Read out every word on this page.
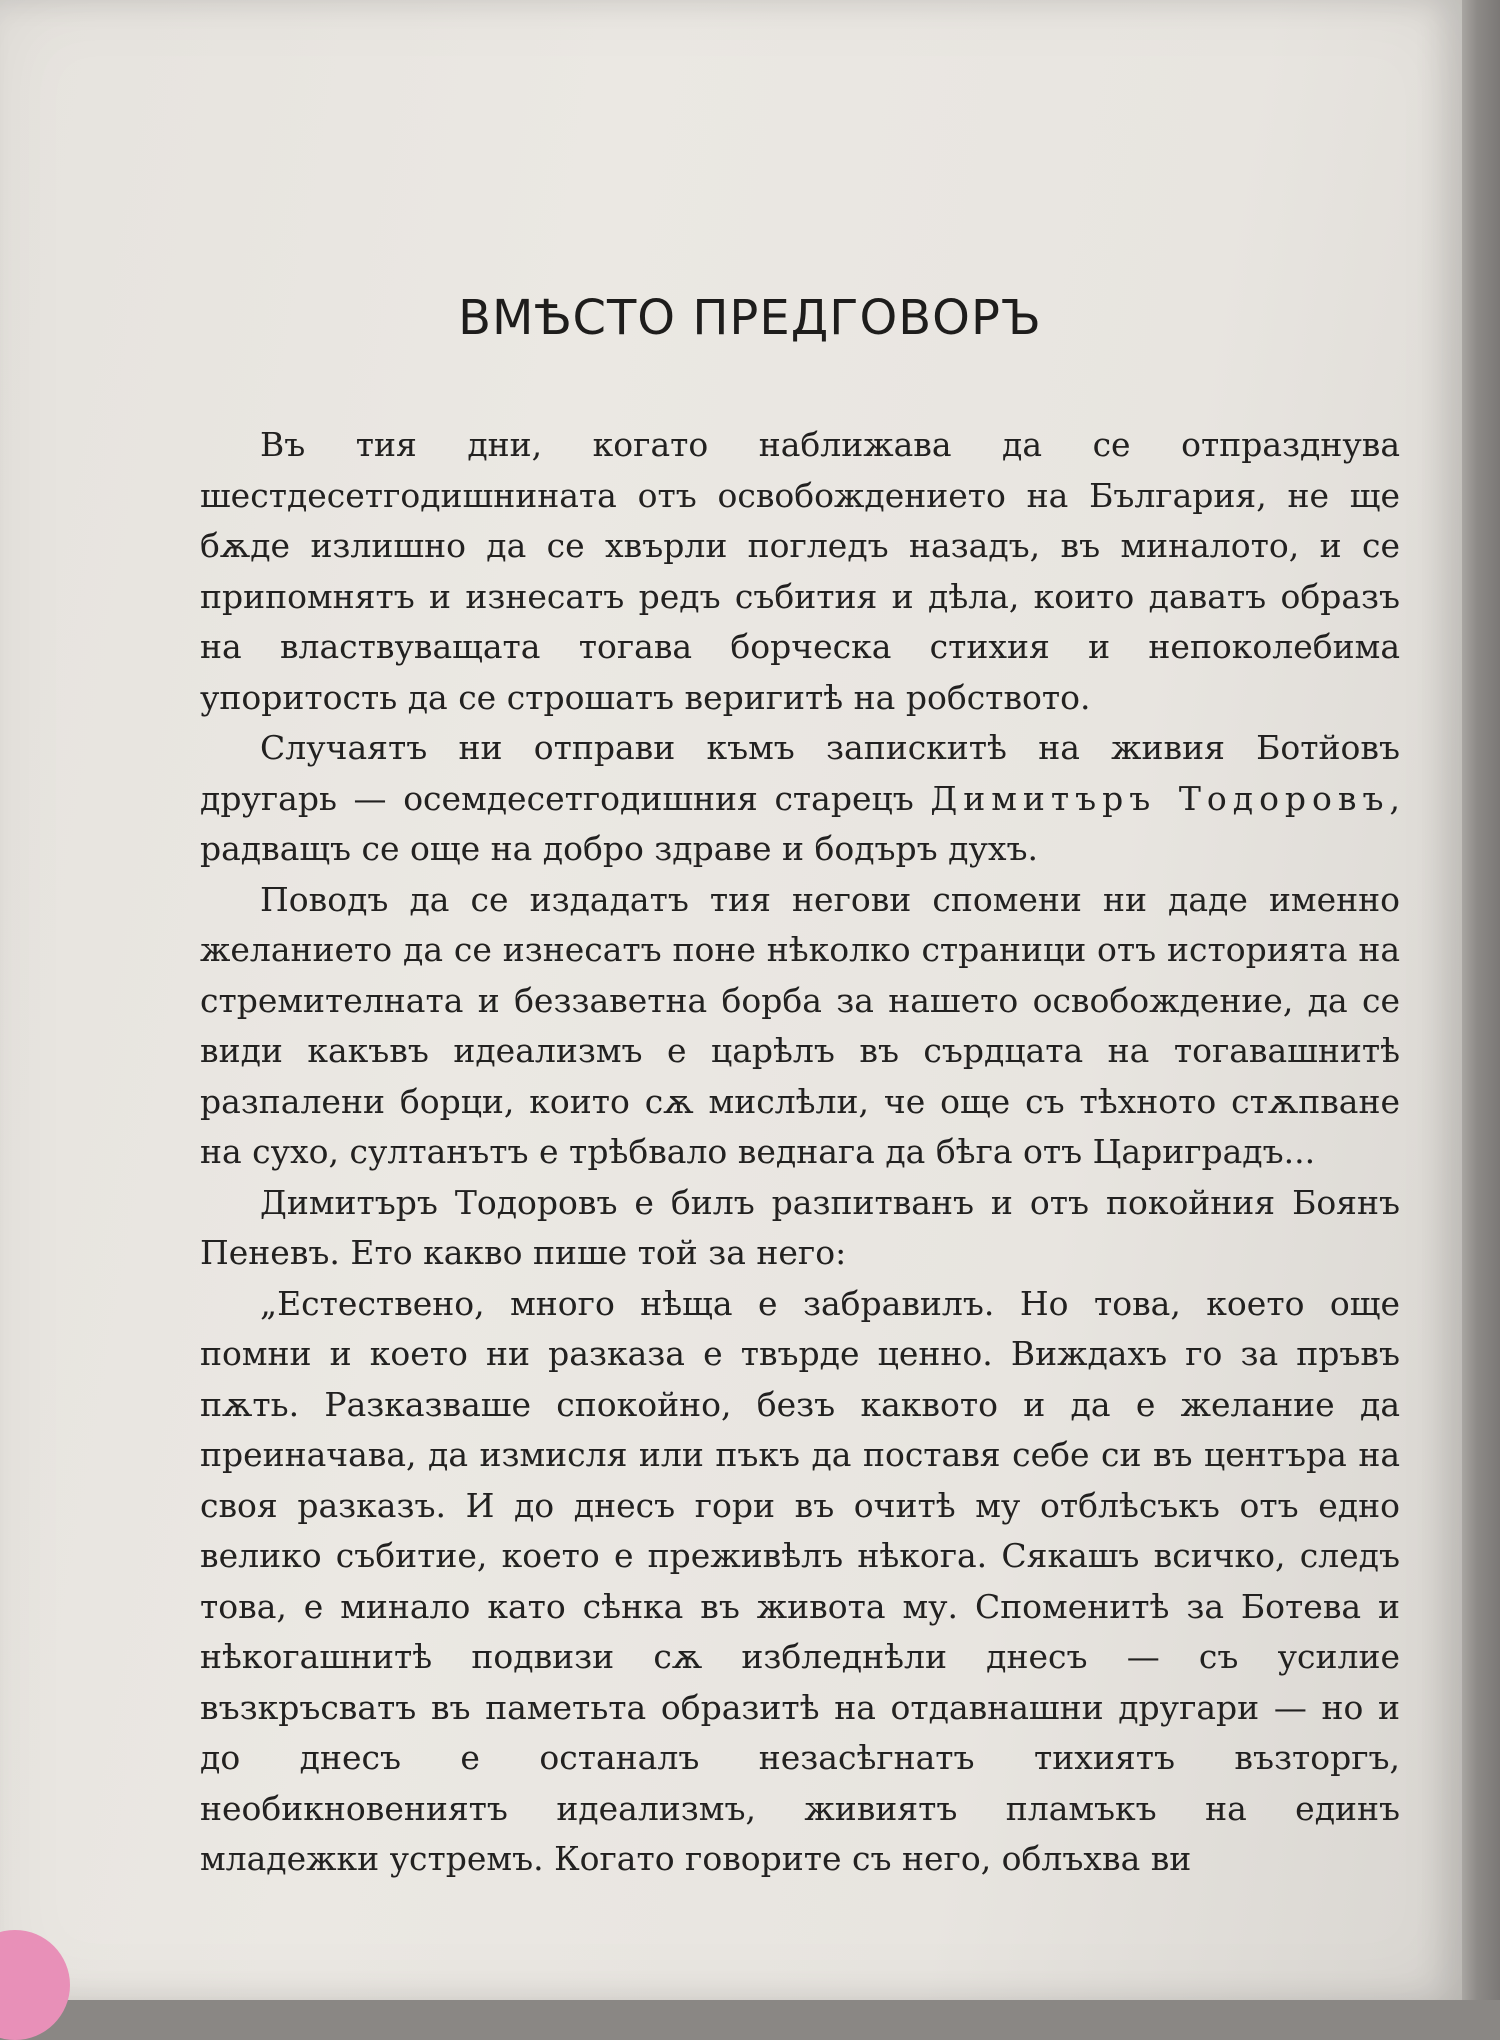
ВМѢСТО ПРЕДГОВОРЪ

Въ тия дни, когато наближава да се отпразднува шестдесетгодишнината отъ освобождението на България, не ще бѫде излишно да се хвърли погледъ назадъ, въ миналото, и се припомнятъ и изнесатъ редъ събития и дѣла, които даватъ образъ на властвуващата тогава борческа стихия и непоколебима упоритость да се строшатъ веригитѣ на робството.

Случаятъ ни отправи къмъ запискитѣ на живия Ботйовъ другарь — осемдесетгодишния старецъ Димитъръ Тодоровъ, радващъ се още на добро здраве и бодъръ духъ.

Поводъ да се издадатъ тия негови спомени ни даде именно желанието да се изнесатъ поне нѣколко страници отъ историята на стремителната и беззаветна борба за нашето освобождение, да се види какъвъ идеализмъ е царѣлъ въ сърдцата на тогавашнитѣ разпалени борци, които сѫ мислѣли, че още съ тѣхното стѫпване на сухо, султанътъ е трѣбвало веднага да бѣга отъ Цариградъ...

Димитъръ Тодоровъ е билъ разпитванъ и отъ покойния Боянъ Пеневъ. Ето какво пише той за него:

„Естествено, много нѣща е забравилъ. Но това, което още помни и което ни разказа е твърде ценно. Виждахъ го за пръвъ пѫть. Разказваше спокойно, безъ каквото и да е желание да преиначава, да измисля или пъкъ да поставя себе си въ центъра на своя разказъ. И до днесъ гори въ очитѣ му отблѣсъкъ отъ едно велико събитие, което е преживѣлъ нѣкога. Сякашъ всичко, следъ това, е минало като сѣнка въ живота му. Споменитѣ за Ботева и нѣкогашнитѣ подвизи сѫ избледнѣли днесъ — съ усилие възкръсватъ въ паметьта образитѣ на отдавнашни другари — но и до днесъ е останалъ незасѣгнатъ тихиятъ възторгъ, необикновениятъ идеализмъ, живиятъ пламъкъ на единъ младежки устремъ. Когато говорите съ него, облъхва ви
